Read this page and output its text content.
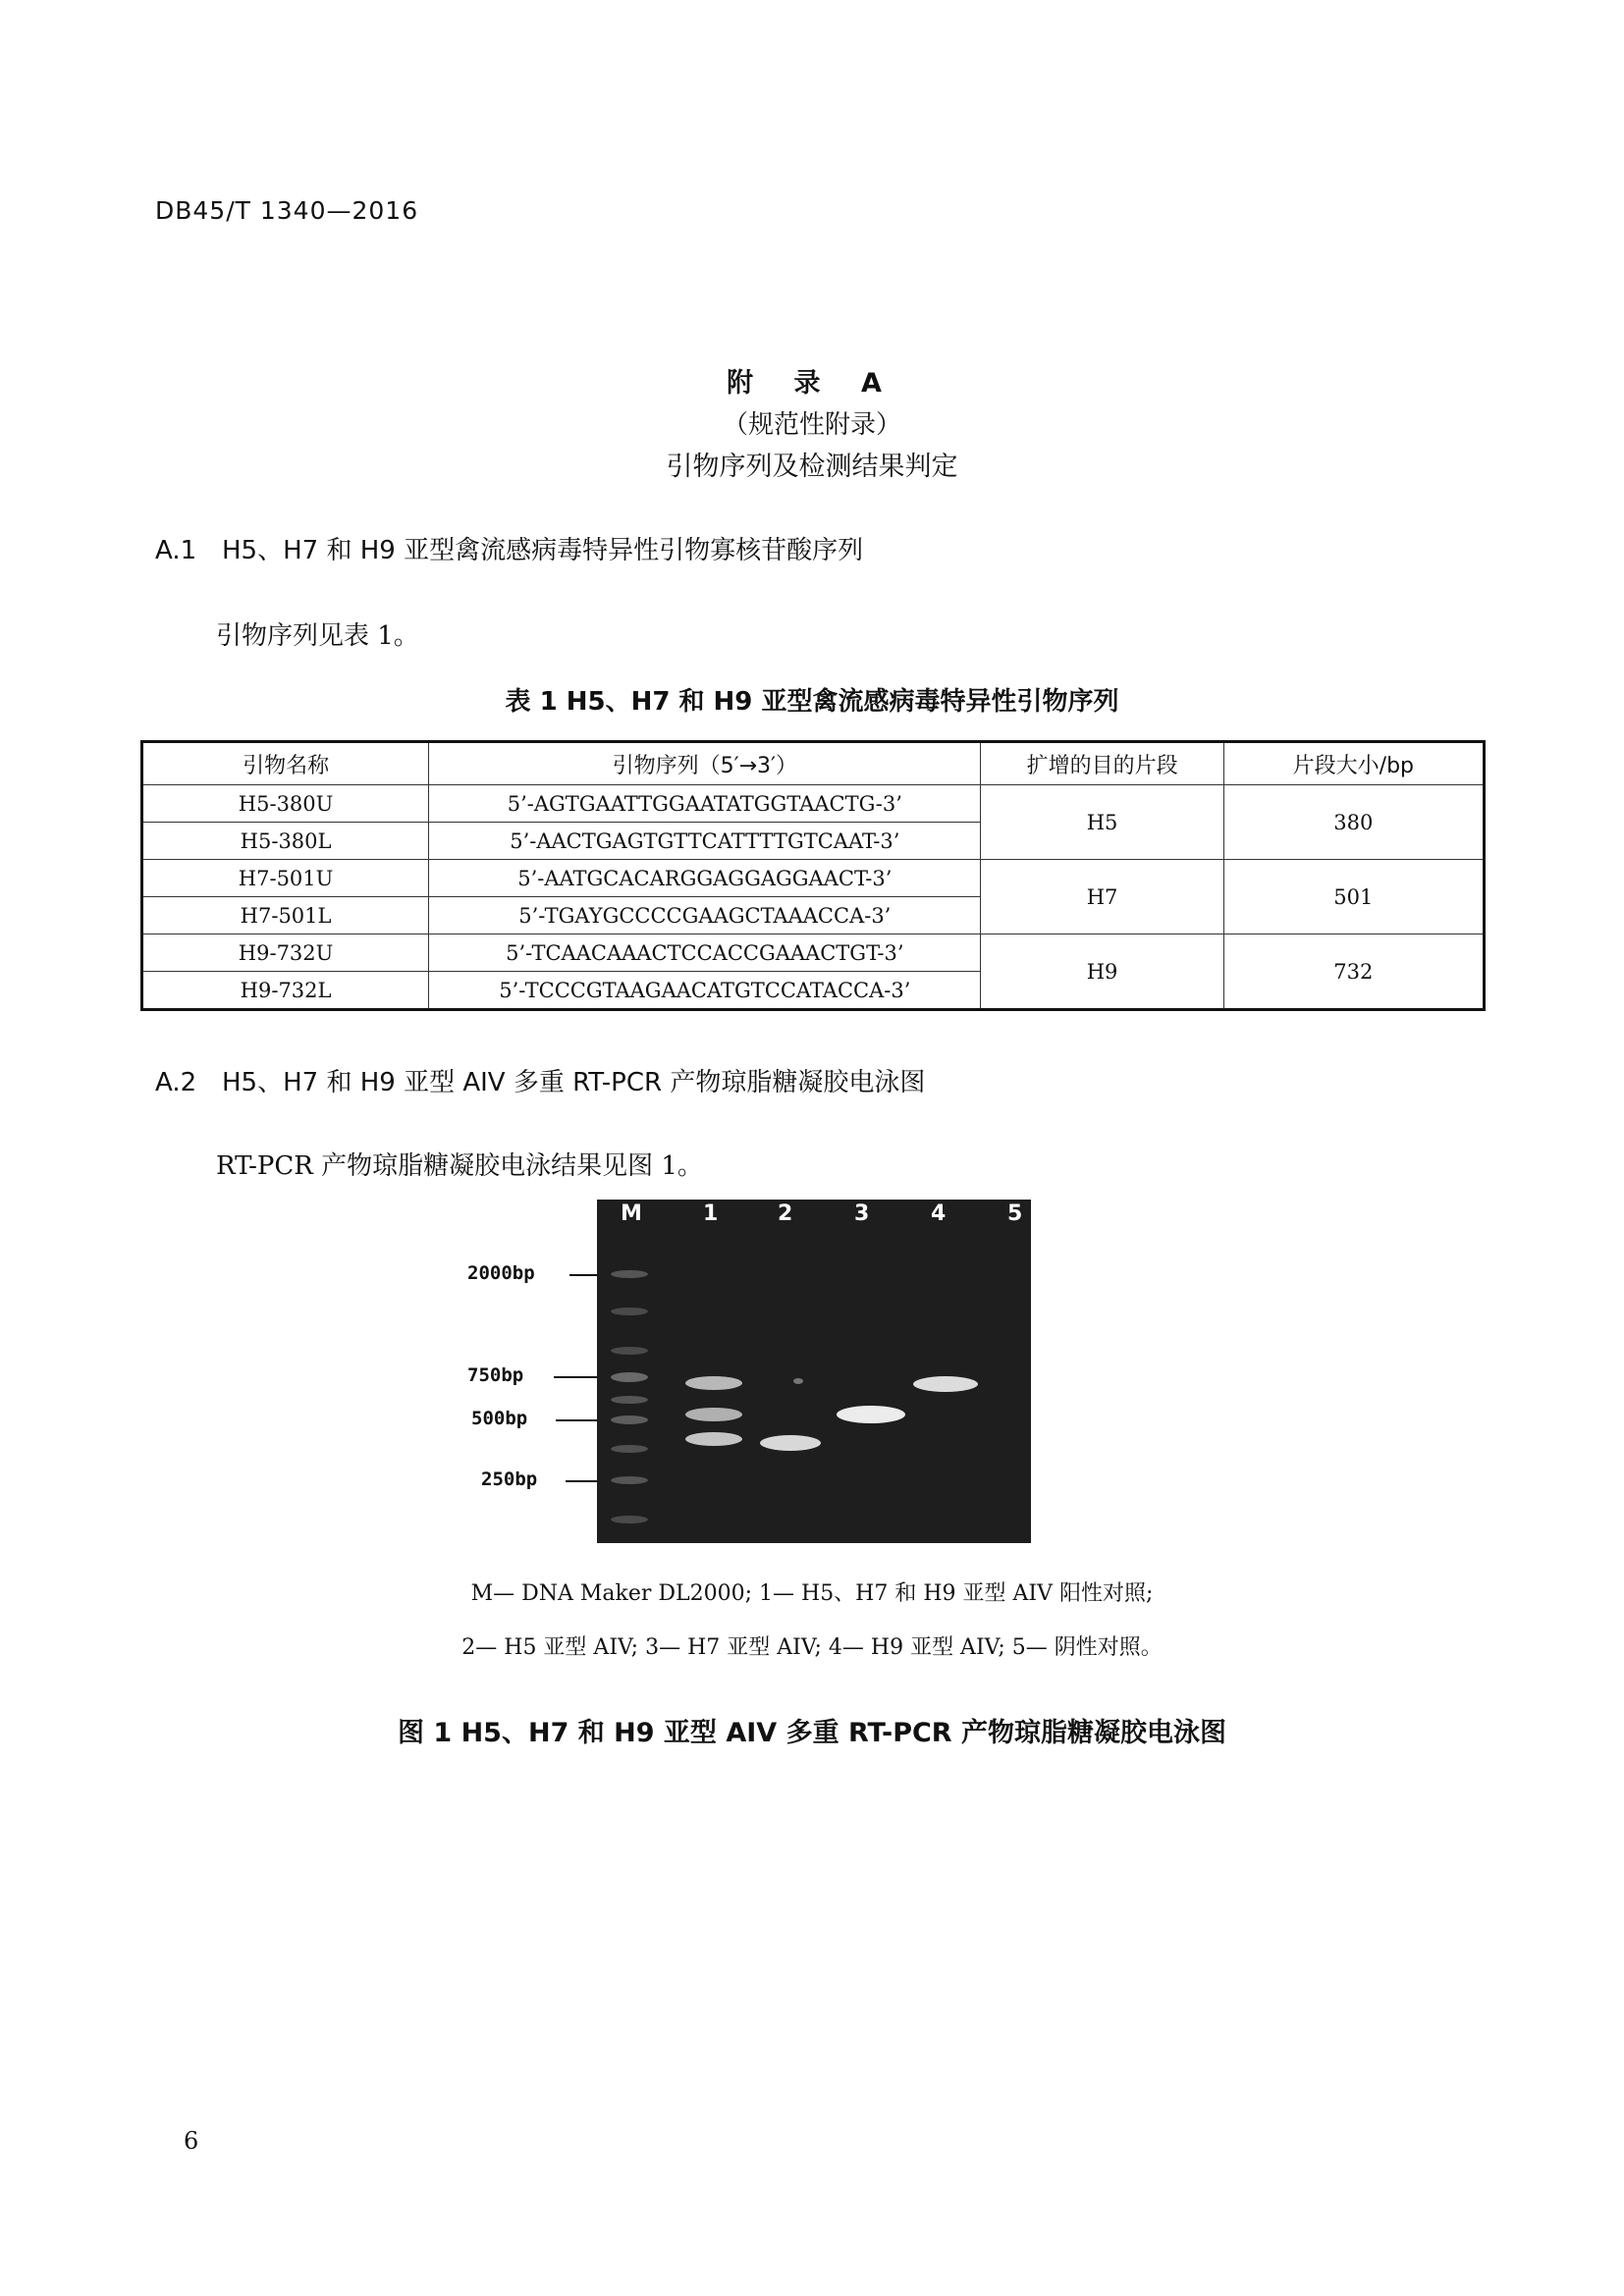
DB45/T 1340—2016
附 录 A
（规范性附录）
引物序列及检测结果判定
A.1 H5、H7 和 H9 亚型禽流感病毒特异性引物寡核苷酸序列
引物序列见表 1。
表 1 H5、H7 和 H9 亚型禽流感病毒特异性引物序列
引物名称	引物序列（5′→3′）	扩增的目的片段	片段大小/bp
H5-380U	5’-AGTGAATTGGAATATGGTAACTG-3’	H5	380
H5-380L	5’-AACTGAGTGTTCATTTTGTCAAT-3’		
H7-501U	5’-AATGCACARGGAGGAGGAACT-3’	H7	501
H7-501L	5’-TGAYGCCCCGAAGCTAAACCA-3’		
H9-732U	5’-TCAACAAACTCCACCGAAACTGT-3’	H9	732
H9-732L	5’-TCCCGTAAGAACATGTCCATACCA-3’		
A.2 H5、H7 和 H9 亚型 AIV 多重 RT-PCR 产物琼脂糖凝胶电泳图
RT-PCR 产物琼脂糖凝胶电泳结果见图 1。
2000bp
750bp
500bp
250bp
M	1	2	3	4	5
M— DNA Maker DL2000; 1— H5、H7 和 H9 亚型 AIV 阳性对照;
2— H5 亚型 AIV; 3— H7 亚型 AIV; 4— H9 亚型 AIV; 5— 阴性对照。
图 1 H5、H7 和 H9 亚型 AIV 多重 RT-PCR 产物琼脂糖凝胶电泳图
6
